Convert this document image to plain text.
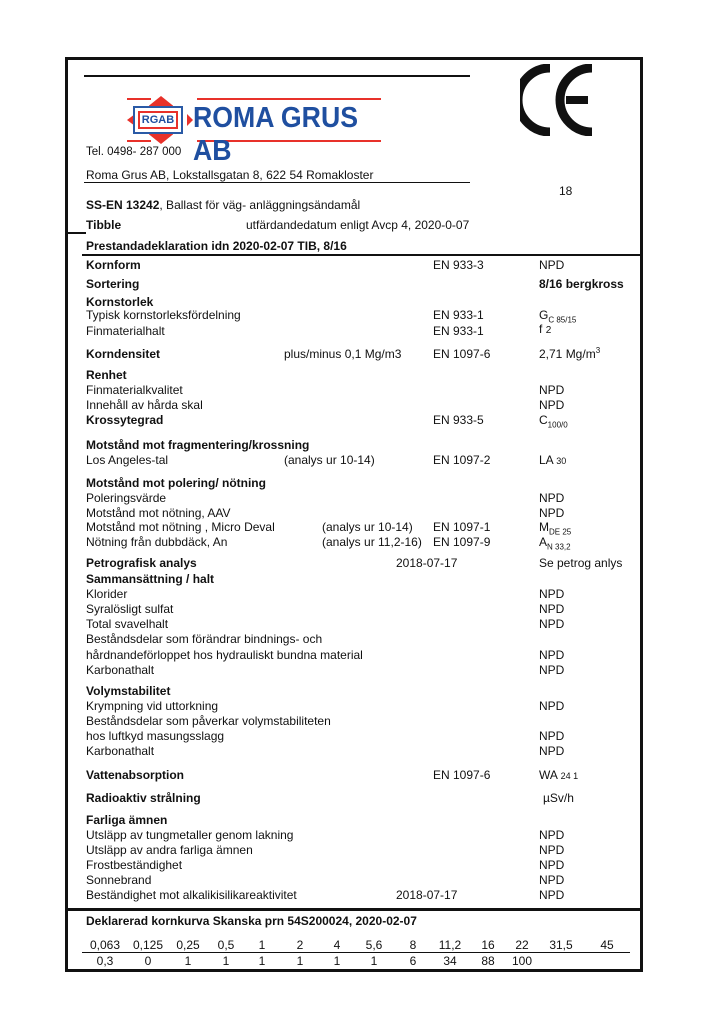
RGAB ROMA GRUS AB
Tel. 0498- 287 000
Roma Grus AB, Lokstallsgatan 8, 622 54 Romakloster
18
SS-EN 13242, Ballast för väg- anläggningsändamål
Tibble	utfärdandedatum enligt Avcp 4, 2020-0-07
Prestandadeklaration idn 2020-02-07 TIB, 8/16
Kornform	EN 933-3	NPD
Sortering	8/16 bergkross
Kornstorlek
Typisk kornstorleksfördelning	EN 933-1	$G_{C 85/15}$
Finmaterialhalt	EN 933-1	f 2
Korndensitet	plus/minus 0,1 Mg/m3	EN 1097-6	2,71 $Mg/m^3$
Renhet
Finmaterialkvalitet	NPD
Innehåll av hårda skal	NPD
Krossytegrad	EN 933-5	$C_{100/0}$
Motstånd mot fragmentering/krossning
Los Angeles-tal	(analys ur 10-14)	EN 1097-2	LA 30
Motstånd mot polering/ nötning
Poleringsvärde	NPD
Motstånd mot nötning, AAV	NPD
Motstånd mot nötning , Micro Deval	(analys ur 10-14) EN 1097-1	$M_{DE 25}$
Nötning från dubbdäck, An	(analys ur 11,2-16) EN 1097-9	$A_{N 33,2}$
Petrografisk analys	2018-07-17	Se petrog anlys
Sammansättning / halt
Klorider	NPD
Syralösligt sulfat	NPD
Total svavelhalt	NPD
Beståndsdelar som förändrar bindnings- och
hårdnandeförloppet hos hydrauliskt bundna material	NPD
Karbonathalt	NPD
Volymstabilitet
Krympning vid uttorkning	NPD
Beståndsdelar som påverkar volymstabiliteten
hos luftkyd masungsslagg	NPD
Karbonathalt	NPD
Vattenabsorption	EN 1097-6	WA 24 1
Radioaktiv strålning	µSv/h
Farliga ämnen
Utsläpp av tungmetaller genom lakning	NPD
Utsläpp av andra farliga ämnen	NPD
Frostbeständighet	NPD
Sonnebrand	NPD
Beständighet mot alkalikisilikareaktivitet	2018-07-17	NPD
Deklarerad kornkurva Skanska prn 54S200024, 2020-02-07
0,063 0,125	0,25	0,5	1	2	4	5,6	8	11,2	16	22	31,5	45
0,3	0	1	1	1	1	1	1	6	34	88	100
